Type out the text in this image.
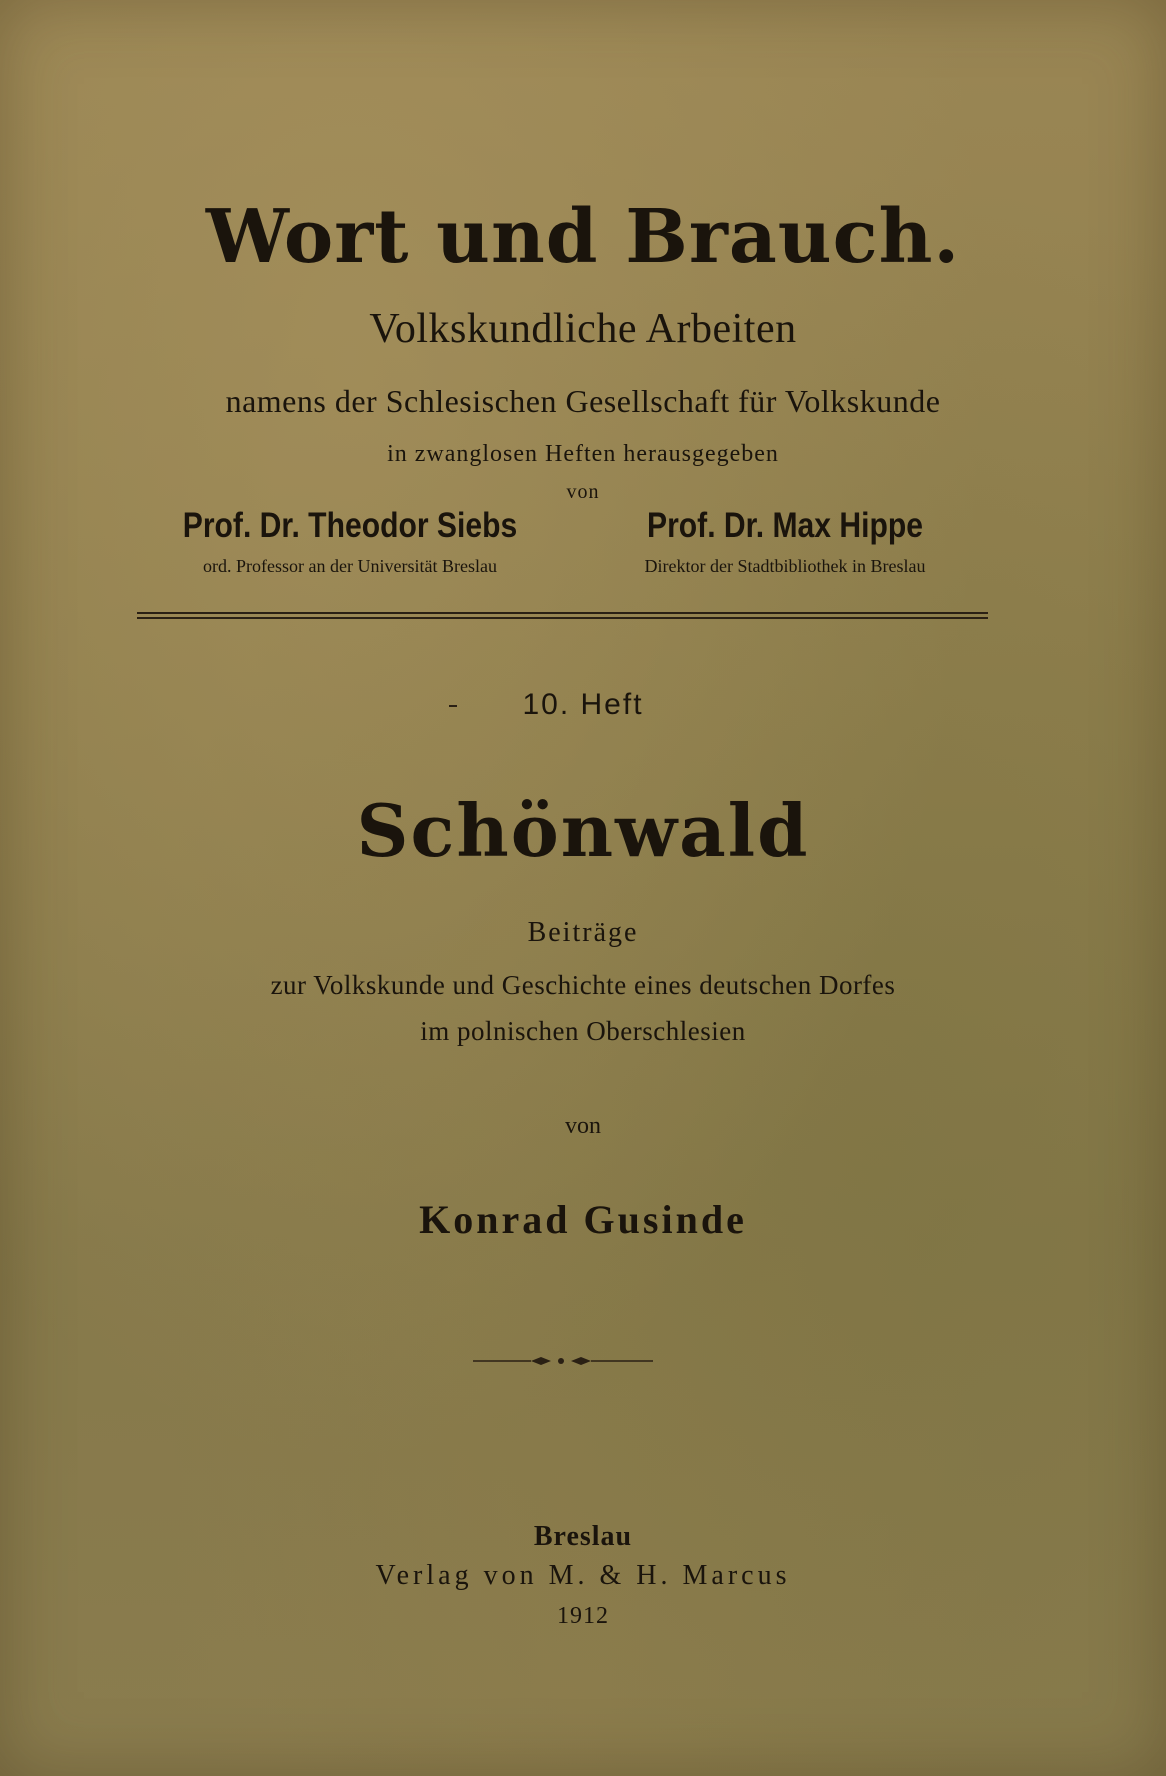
Wort und Brauch.
Volkskundliche Arbeiten
namens der Schlesischen Gesellschaft für Volkskunde
in zwanglosen Heften herausgegeben
von
Prof. Dr. Theodor Siebs
ord. Professor an der Universität Breslau
Prof. Dr. Max Hippe
Direktor der Stadtbibliothek in Breslau
10. Heft
Schönwald
Beiträge
zur Volkskunde und Geschichte eines deutschen Dorfes
im polnischen Oberschlesien
von
Konrad Gusinde
Breslau
Verlag von M. & H. Marcus
1912
